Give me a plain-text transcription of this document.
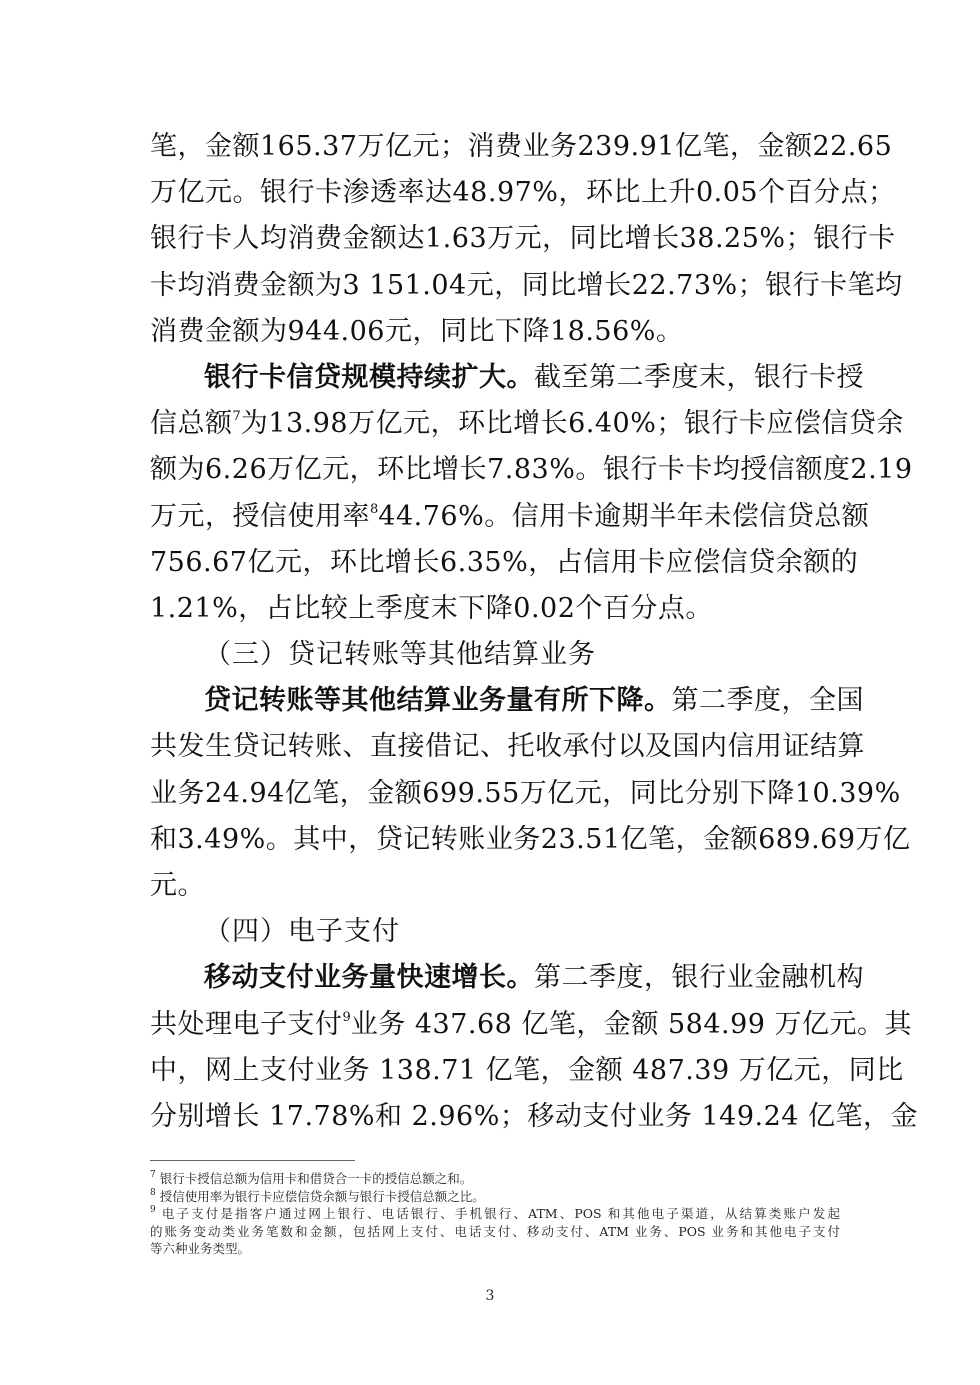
笔，金额165.37万亿元；消费业务239.91亿笔，金额22.65
万亿元。银行卡渗透率达48.97%，环比上升0.05个百分点；
银行卡人均消费金额达1.63万元，同比增长38.25%；银行卡
卡均消费金额为3 151.04元，同比增长22.73%；银行卡笔均
消费金额为944.06元，同比下降18.56%。
银行卡信贷规模持续扩大。截至第二季度末，银行卡授
信总额$^7$为13.98万亿元，环比增长6.40%；银行卡应偿信贷余
额为6.26万亿元，环比增长7.83%。银行卡卡均授信额度2.19
万元，授信使用率$^8$44.76%。信用卡逾期半年未偿信贷总额
756.67亿元，环比增长6.35%，占信用卡应偿信贷余额的
1.21%，占比较上季度末下降0.02个百分点。
（三）贷记转账等其他结算业务
贷记转账等其他结算业务量有所下降。第二季度，全国
共发生贷记转账、直接借记、托收承付以及国内信用证结算
业务24.94亿笔，金额699.55万亿元，同比分别下降10.39%
和3.49%。其中，贷记转账业务23.51亿笔，金额689.69万亿
元。
（四）电子支付
移动支付业务量快速增长。第二季度，银行业金融机构
共处理电子支付$^9$业务 437.68 亿笔，金额 584.99 万亿元。其
中，网上支付业务 138.71 亿笔，金额 487.39 万亿元，同比
分别增长 17.78%和 2.96%；移动支付业务 149.24 亿笔，金
$^7$ 银行卡授信总额为信用卡和借贷合一卡的授信总额之和。
$^8$ 授信使用率为银行卡应偿信贷余额与银行卡授信总额之比。
$^9$ 电子支付是指客户通过网上银行、电话银行、手机银行、ATM、POS 和其他电子渠道，从结算类账户发起
的账务变动类业务笔数和金额，包括网上支付、电话支付、移动支付、ATM 业务、POS 业务和其他电子支付
等六种业务类型。
3
